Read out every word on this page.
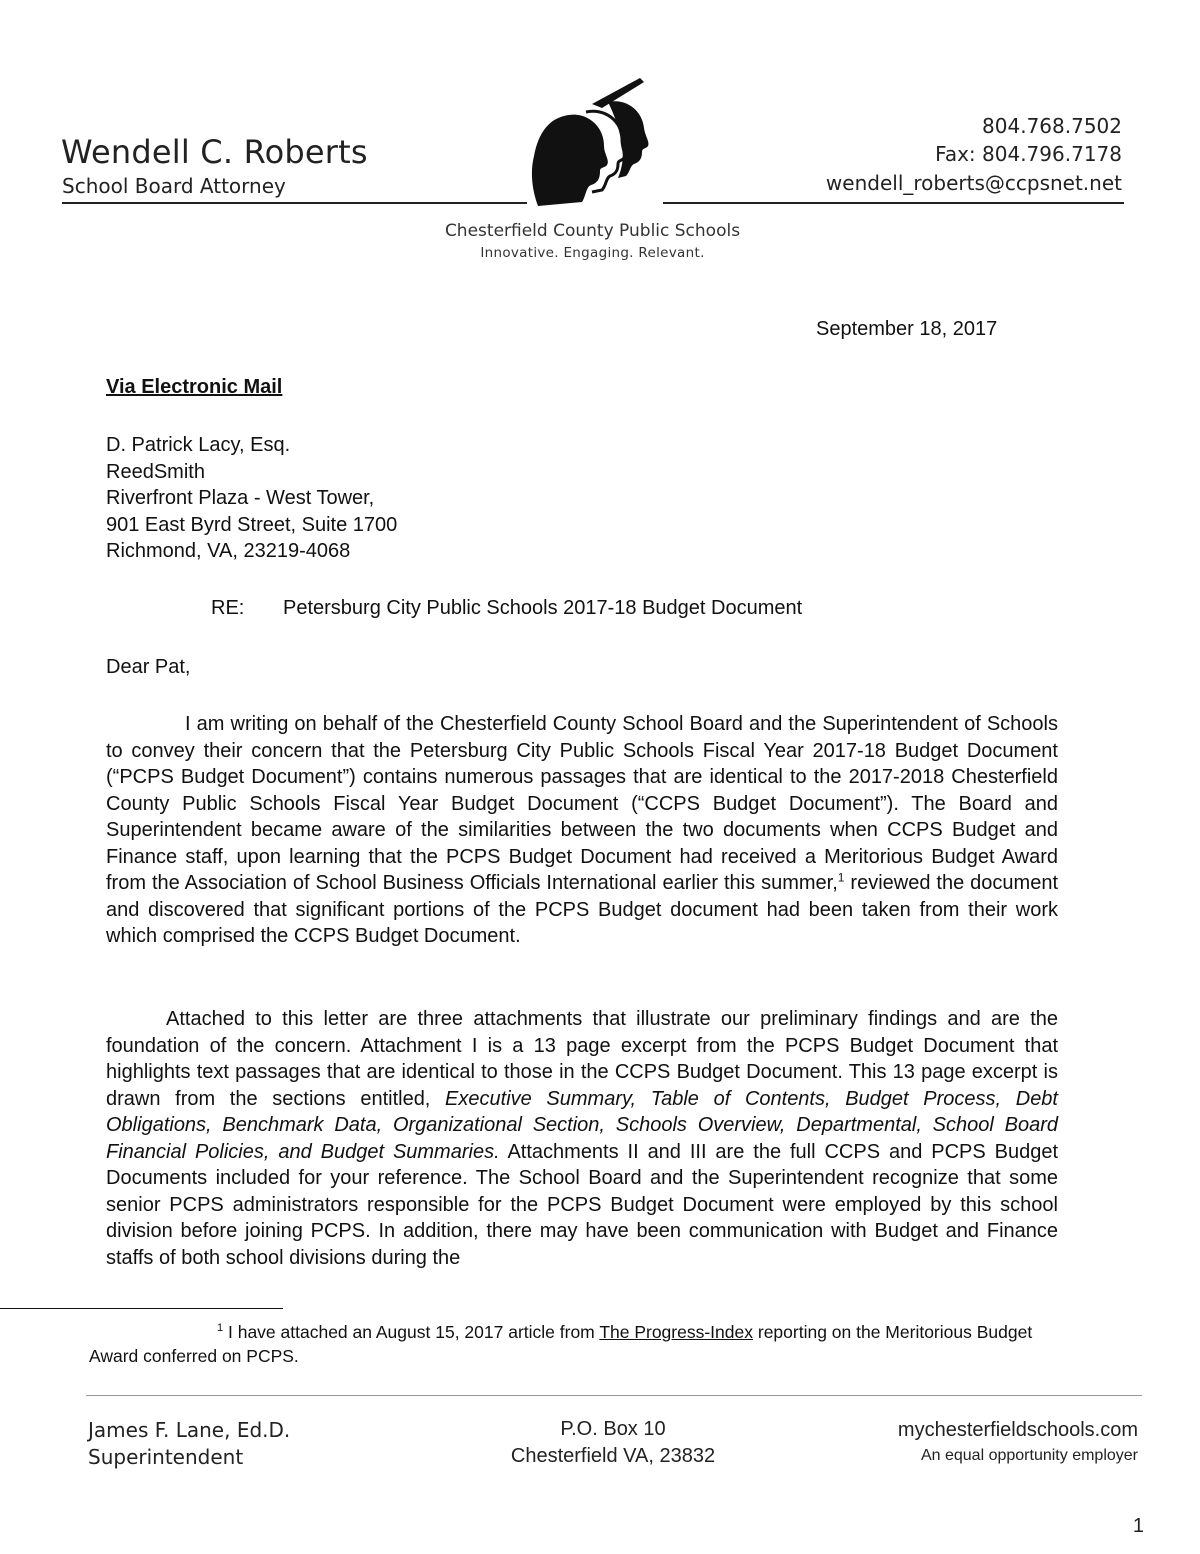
Wendell C. Roberts
School Board Attorney
804.768.7502
Fax: 804.796.7178
wendell_roberts@ccpsnet.net
Chesterfield County Public Schools
Innovative. Engaging. Relevant.
September 18, 2017
Via Electronic Mail
D. Patrick Lacy, Esq.
ReedSmith
Riverfront Plaza - West Tower,
901 East Byrd Street, Suite 1700
Richmond, VA, 23219-4068
RE: Petersburg City Public Schools 2017-18 Budget Document
Dear Pat,

I am writing on behalf of the Chesterfield County School Board and the Superintendent of Schools to convey their concern that the Petersburg City Public Schools Fiscal Year 2017-18 Budget Document (“PCPS Budget Document”) contains numerous passages that are identical to the 2017-2018 Chesterfield County Public Schools Fiscal Year Budget Document (“CCPS Budget Document”). The Board and Superintendent became aware of the similarities between the two documents when CCPS Budget and Finance staff, upon learning that the PCPS Budget Document had received a Meritorious Budget Award from the Association of School Business Officials International earlier this summer,$^1$ reviewed the document and discovered that significant portions of the PCPS Budget document had been taken from their work which comprised the CCPS Budget Document.

Attached to this letter are three attachments that illustrate our preliminary findings and are the foundation of the concern. Attachment I is a 13 page excerpt from the PCPS Budget Document that highlights text passages that are identical to those in the CCPS Budget Document. This 13 page excerpt is drawn from the sections entitled, Executive Summary, Table of Contents, Budget Process, Debt Obligations, Benchmark Data, Organizational Section, Schools Overview, Departmental, School Board Financial Policies, and Budget Summaries. Attachments II and III are the full CCPS and PCPS Budget Documents included for your reference. The School Board and the Superintendent recognize that some senior PCPS administrators responsible for the PCPS Budget Document were employed by this school division before joining PCPS. In addition, there may have been communication with Budget and Finance staffs of both school divisions during the

$^1$ I have attached an August 15, 2017 article from The Progress-Index reporting on the Meritorious Budget Award conferred on PCPS.

James F. Lane, Ed.D.
Superintendent
P.O. Box 10
Chesterfield VA, 23832
mychesterfieldschools.com
An equal opportunity employer
1
